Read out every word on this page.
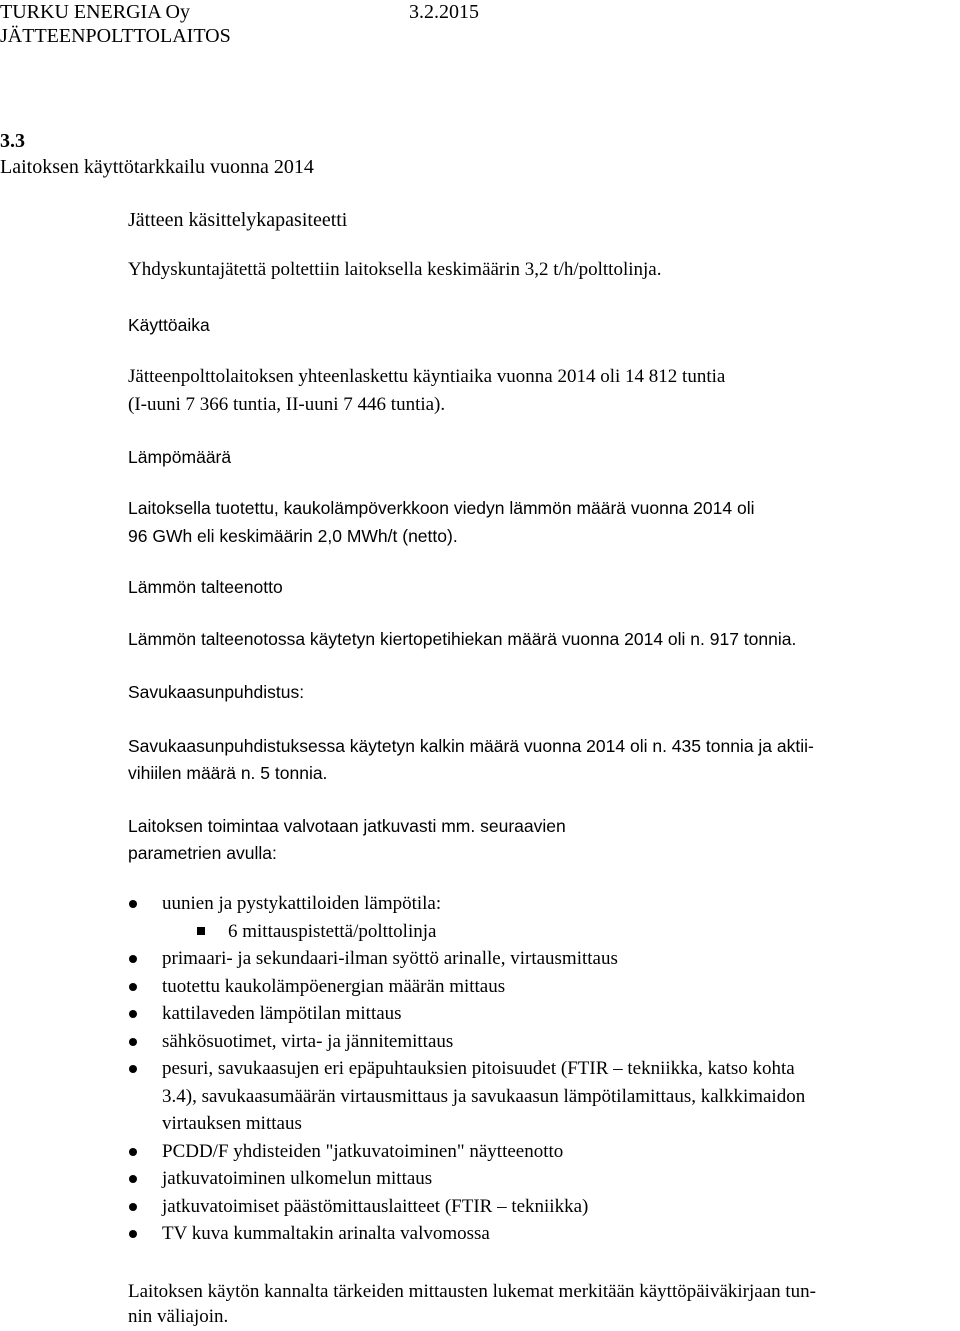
TURKU ENERGIA Oy	3.2.2015
JÄTTEENPOLTTOLAITOS
3.3
Laitoksen käyttötarkkailu vuonna 2014
Jätteen käsittelykapasiteetti
Yhdyskuntajätettä poltettiin laitoksella keskimäärin 3,2 t/h/polttolinja.
Käyttöaika
Jätteenpolttolaitoksen yhteenlaskettu käyntiaika vuonna 2014 oli 14 812 tuntia
(I-uuni 7 366 tuntia, II-uuni 7 446 tuntia).
Lämpömäärä
Laitoksella tuotettu, kaukolämpöverkkoon viedyn lämmön määrä vuonna 2014 oli
96 GWh eli keskimäärin 2,0 MWh/t (netto).
Lämmön talteenotto
Lämmön talteenotossa käytetyn kiertopetihiekan määrä vuonna 2014 oli n. 917 tonnia.
Savukaasunpuhdistus:
Savukaasunpuhdistuksessa käytetyn kalkin määrä vuonna 2014 oli n. 435 tonnia ja aktii-
vihiilen määrä n. 5 tonnia.
Laitoksen toimintaa valvotaan jatkuvasti mm. seuraavien
parametrien avulla:
uunien ja pystykattiloiden lämpötila:
6 mittauspistettä/polttolinja
primaari- ja sekundaari-ilman syöttö arinalle, virtausmittaus
tuotettu kaukolämpöenergian määrän mittaus
kattilaveden lämpötilan mittaus
sähkösuotimet, virta- ja jännitemittaus
pesuri, savukaasujen eri epäpuhtauksien pitoisuudet (FTIR – tekniikka, katso kohta
3.4), savukaasumäärän virtausmittaus ja savukaasun lämpötilamittaus, kalkkimaidon
virtauksen mittaus
PCDD/F yhdisteiden "jatkuvatoiminen" näytteenotto
jatkuvatoiminen ulkomelun mittaus
jatkuvatoimiset päästömittauslaitteet (FTIR – tekniikka)
TV kuva kummaltakin arinalta valvomossa
Laitoksen käytön kannalta tärkeiden mittausten lukemat merkitään käyttöpäiväkirjaan tun-
nin väliajoin.
